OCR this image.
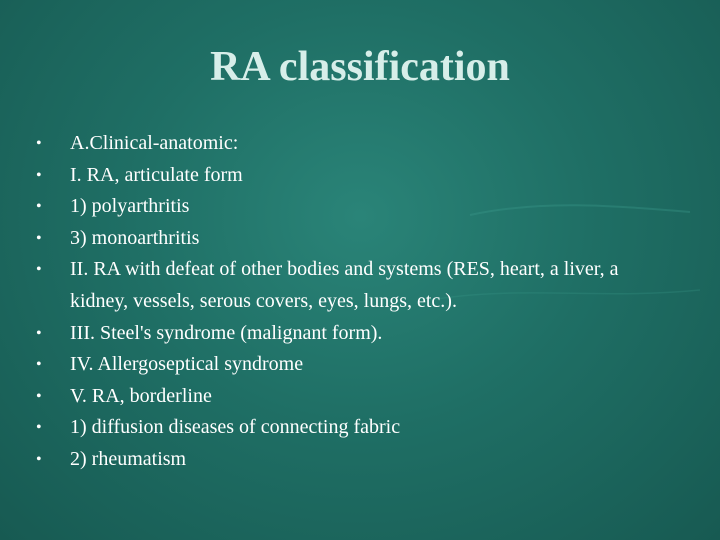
RA classification
• A.Clinical-anatomic:
• I. RA, articulate form
• 1) polyarthritis
• 3) monoarthritis
• II. RA with defeat of other bodies and systems (RES, heart, a liver, a kidney, vessels, serous covers, eyes, lungs, etc.).
• III. Steel's syndrome (malignant form).
• IV. Allergoseptical syndrome
• V. RA, borderline
• 1) diffusion diseases of connecting fabric
• 2) rheumatism
